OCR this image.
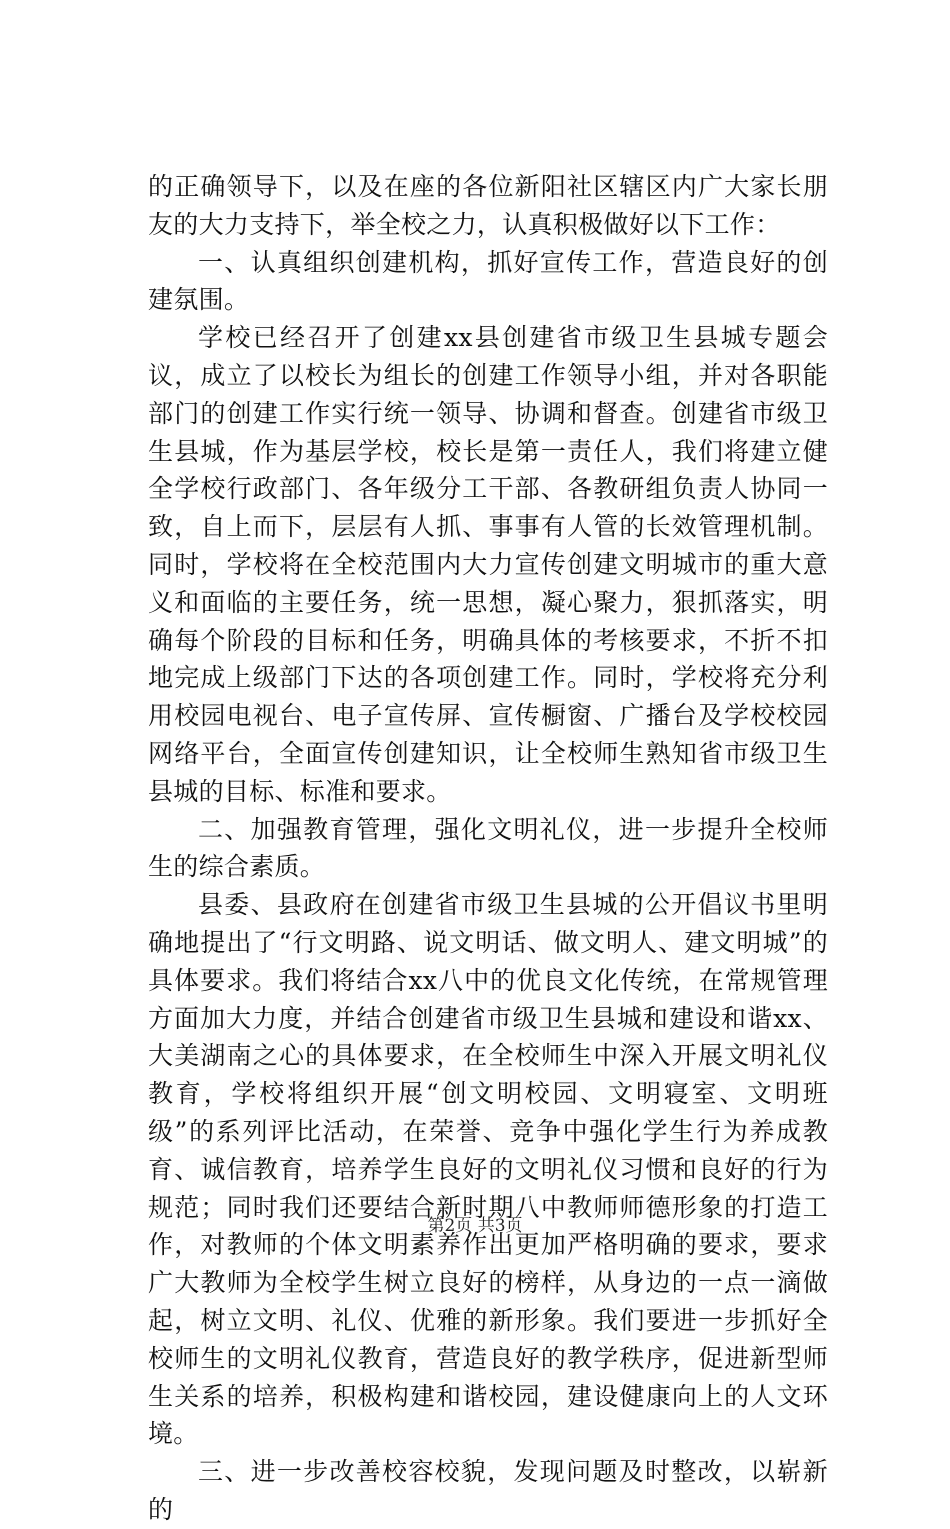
的正确领导下，以及在座的各位新阳社区辖区内广大家长朋友的大力支持下，举全校之力，认真积极做好以下工作：

一、认真组织创建机构，抓好宣传工作，营造良好的创建氛围。

学校已经召开了创建xx县创建省市级卫生县城专题会议，成立了以校长为组长的创建工作领导小组，并对各职能部门的创建工作实行统一领导、协调和督查。创建省市级卫生县城，作为基层学校，校长是第一责任人，我们将建立健全学校行政部门、各年级分工干部、各教研组负责人协同一致，自上而下，层层有人抓、事事有人管的长效管理机制。同时，学校将在全校范围内大力宣传创建文明城市的重大意义和面临的主要任务，统一思想，凝心聚力，狠抓落实，明确每个阶段的目标和任务，明确具体的考核要求，不折不扣地完成上级部门下达的各项创建工作。同时，学校将充分利用校园电视台、电子宣传屏、宣传橱窗、广播台及学校校园网络平台，全面宣传创建知识，让全校师生熟知省市级卫生县城的目标、标准和要求。

二、加强教育管理，强化文明礼仪，进一步提升全校师生的综合素质。

县委、县政府在创建省市级卫生县城的公开倡议书里明确地提出了“行文明路、说文明话、做文明人、建文明城”的具体要求。我们将结合xx八中的优良文化传统，在常规管理方面加大力度，并结合创建省市级卫生县城和建设和谐xx、大美湖南之心的具体要求，在全校师生中深入开展文明礼仪教育，学校将组织开展“创文明校园、文明寝室、文明班级”的系列评比活动，在荣誉、竞争中强化学生行为养成教育、诚信教育，培养学生良好的文明礼仪习惯和良好的行为规范；同时我们还要结合新时期八中教师师德形象的打造工作，对教师的个体文明素养作出更加严格明确的要求，要求广大教师为全校学生树立良好的榜样，从身边的一点一滴做起，树立文明、礼仪、优雅的新形象。我们要进一步抓好全校师生的文明礼仪教育，营造良好的教学秩序，促进新型师生关系的培养，积极构建和谐校园，建设健康向上的人文环境。

三、进一步改善校容校貌，发现问题及时整改，以崭新的

第2页 共3页
